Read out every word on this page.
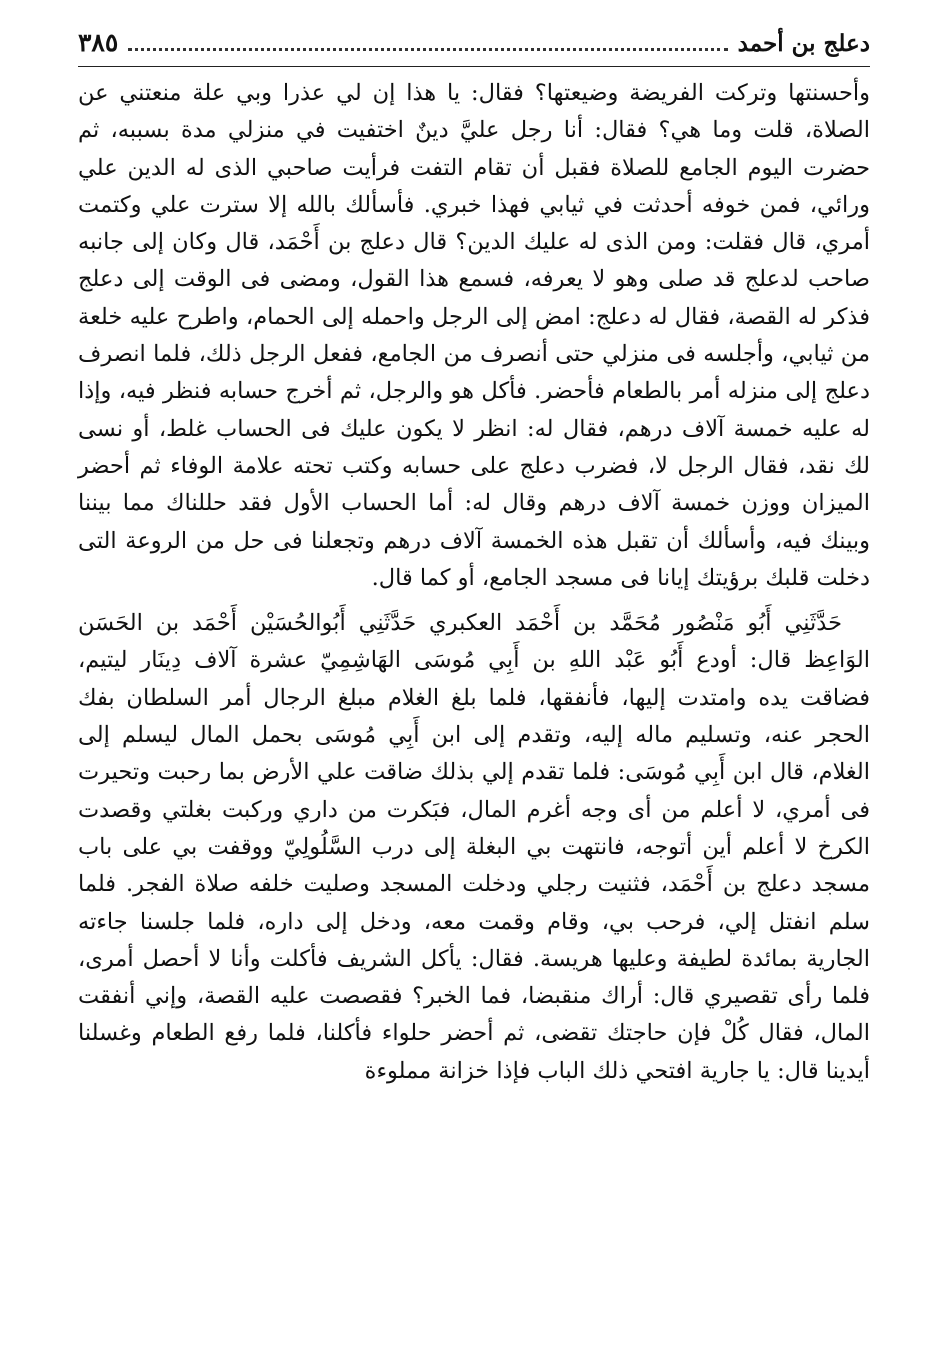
دعلج بن أحمد
٣٨٥

وأحسنتها وتركت الفريضة وضيعتها؟ فقال: يا هذا إن لي عذرا وبي علة منعتني عن الصلاة، قلت وما هي؟ فقال: أنا رجل عليَّ دينٌ اختفيت في منزلي مدة بسببه، ثم حضرت اليوم الجامع للصلاة فقبل أن تقام التفت فرأيت صاحبي الذى له الدين علي ورائي، فمن خوفه أحدثت في ثيابي فهذا خبري. فأسألك بالله إلا سترت علي وكتمت أمري، قال فقلت: ومن الذى له عليك الدين؟ قال دعلج بن أَحْمَد، قال وكان إلى جانبه صاحب لدعلج قد صلى وهو لا يعرفه، فسمع هذا القول، ومضى فى الوقت إلى دعلج فذكر له القصة، فقال له دعلج: امض إلى الرجل واحمله إلى الحمام، واطرح عليه خلعة من ثيابي، وأجلسه فى منزلي حتى أنصرف من الجامع، ففعل الرجل ذلك، فلما انصرف دعلج إلى منزله أمر بالطعام فأحضر. فأكل هو والرجل، ثم أخرج حسابه فنظر فيه، وإذا له عليه خمسة آلاف درهم، فقال له: انظر لا يكون عليك فى الحساب غلط، أو نسى لك نقد، فقال الرجل لا، فضرب دعلج على حسابه وكتب تحته علامة الوفاء ثم أحضر الميزان ووزن خمسة آلاف درهم وقال له: أما الحساب الأول فقد حللناك مما بيننا وبينك فيه، وأسألك أن تقبل هذه الخمسة آلاف درهم وتجعلنا فى حل من الروعة التى دخلت قلبك برؤيتك إيانا فى مسجد الجامع، أو كما قال.

حَدَّثَنِي أَبُو مَنْصُور مُحَمَّد بن أَحْمَد العكبري حَدَّثَنِي أَبُوالحُسَيْن أَحْمَد بن الحَسَن الوَاعِظ قال: أودع أَبُو عَبْد اللهِ بن أَبِي مُوسَى الهَاشِمِيّ عشرة آلاف دِينَار ليتيم، فضاقت يده وامتدت إليها، فأنفقها، فلما بلغ الغلام مبلغ الرجال أمر السلطان بفك الحجر عنه، وتسليم ماله إليه، وتقدم إلى ابن أَبِي مُوسَى بحمل المال ليسلم إلى الغلام، قال ابن أَبِي مُوسَى: فلما تقدم إلي بذلك ضاقت علي الأرض بما رحبت وتحيرت فى أمري، لا أعلم من أى وجه أغرم المال، فبَكرت من داري وركبت بغلتي وقصدت الكرخ لا أعلم أين أتوجه، فانتهت بي البغلة إلى درب السَّلُولِيّ ووقفت بي على باب مسجد دعلج بن أَحْمَد، فثنيت رجلي ودخلت المسجد وصليت خلفه صلاة الفجر. فلما سلم انفتل إلي، فرحب بي، وقام وقمت معه، ودخل إلى داره، فلما جلسنا جاءته الجارية بمائدة لطيفة وعليها هريسة. فقال: يأكل الشريف فأكلت وأنا لا أحصل أمرى، فلما رأى تقصيري قال: أراك منقبضا، فما الخبر؟ فقصصت عليه القصة، وإني أنفقت المال، فقال كُلْ فإن حاجتك تقضى، ثم أحضر حلواء فأكلنا، فلما رفع الطعام وغسلنا أيدينا قال: يا جارية افتحي ذلك الباب فإذا خزانة مملوءة
